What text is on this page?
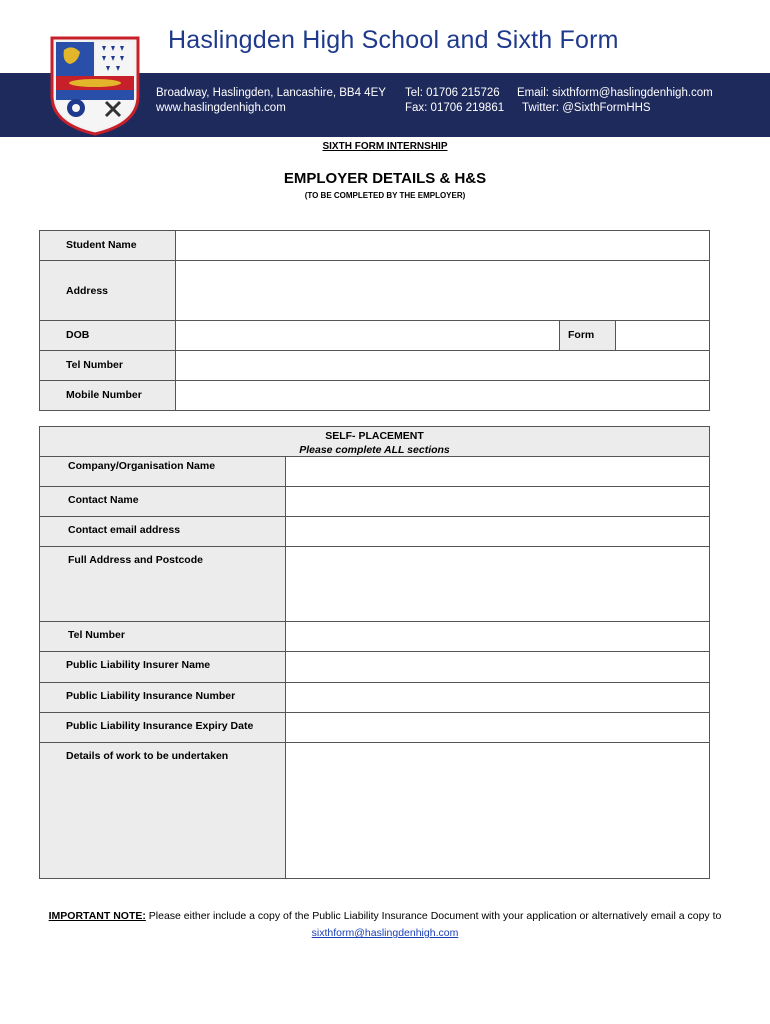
Haslingden High School and Sixth Form
Broadway, Haslingden, Lancashire, BB4 4EY
www.haslingdenhigh.com
Tel: 01706 215726
Fax: 01706 219861
Email: sixthform@haslingdenhigh.com
Twitter: @SixthFormHHS
SIXTH FORM INTERNSHIP
EMPLOYER DETAILS & H&S
(TO BE COMPLETED BY THE EMPLOYER)
Student Name			
Address			
DOB		Form	
Tel Number			
Mobile Number			
SELF- PLACEMENT
Please complete ALL sections	

Company/Organisation Name	
Contact Name	
Contact email address	
Full Address and Postcode	
Tel Number	
Public Liability Insurer Name	
Public Liability Insurance Number	
Public Liability Insurance Expiry Date	
Details of work to be undertaken	
IMPORTANT NOTE: Please either include a copy of the Public Liability Insurance Document with your application or alternatively email a copy to sixthform@haslingdenhigh.com
